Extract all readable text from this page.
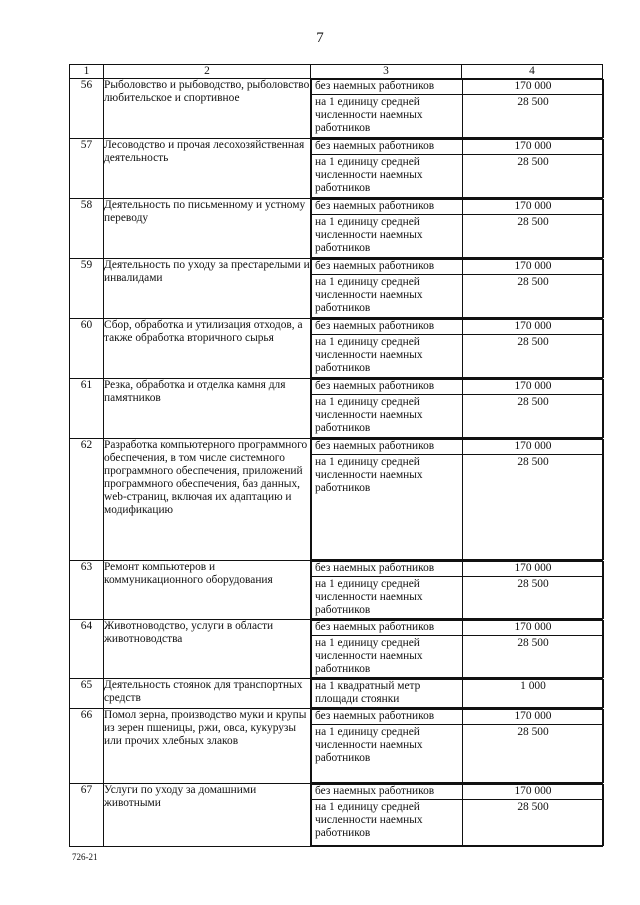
7
1	2	3	4
56	Рыболовство и рыбоводство, рыболовство любительское и спортивное	
без наемных работников	170 000
на 1 единицу средней численности наемных работников	28 500

57	Лесоводство и прочая лесохозяйственная деятельность	
без наемных работников	170 000
на 1 единицу средней численности наемных работников	28 500

58	Деятельность по письменному и устному переводу	
без наемных работников	170 000
на 1 единицу средней численности наемных работников	28 500

59	Деятельность по уходу за престарелыми и инвалидами	
без наемных работников	170 000
на 1 единицу средней численности наемных работников	28 500

60	Сбор, обработка и утилизация отходов, а также обработка вторичного сырья	
без наемных работников	170 000
на 1 единицу средней численности наемных работников	28 500

61	Резка, обработка и отделка камня для памятников	
без наемных работников	170 000
на 1 единицу средней численности наемных работников	28 500

62	Разработка компьютерного программного обеспечения, в том числе системного программного обеспечения, приложений программного обеспечения, баз данных, web-страниц, включая их адаптацию и модификацию	
без наемных работников	170 000
на 1 единицу средней численности наемных работников	28 500

63	Ремонт компьютеров и коммуникационного оборудования	
без наемных работников	170 000
на 1 единицу средней численности наемных работников	28 500

64	Животноводство, услуги в области животноводства	
без наемных работников	170 000
на 1 единицу средней численности наемных работников	28 500

65	Деятельность стоянок для транспортных средств	
на 1 квадратный метр площади стоянки	1 000

66	Помол зерна, производство муки и крупы из зерен пшеницы, ржи, овса, кукурузы или прочих хлебных злаков	
без наемных работников	170 000
на 1 единицу средней численности наемных работников	28 500

67	Услуги по уходу за домашними животными	
без наемных работников	170 000
на 1 единицу средней численности наемных работников	28 500
726-21
